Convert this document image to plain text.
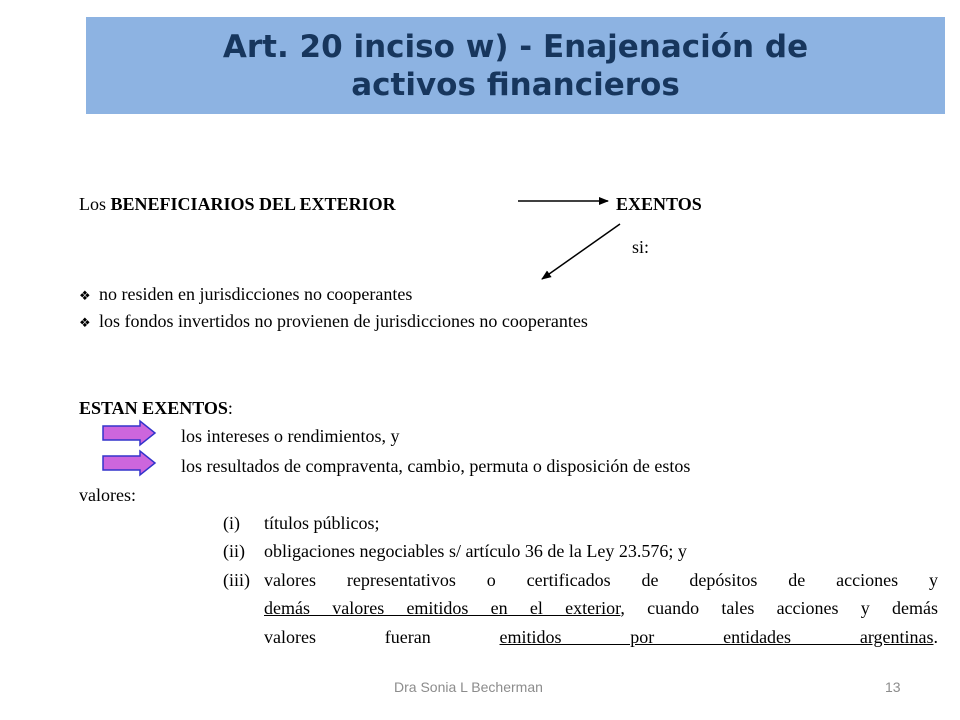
Art. 20 inciso w) - Enajenación de
activos financieros
Los BENEFICIARIOS DEL EXTERIOR	EXENTOS
si:
❖ no residen en jurisdicciones no cooperantes
❖ los fondos invertidos no provienen de jurisdicciones no cooperantes
ESTAN EXENTOS:
los intereses o rendimientos, y
los resultados de compraventa, cambio, permuta o disposición de estos
valores:
(i) títulos públicos;
(ii) obligaciones negociables s/ artículo 36 de la Ley 23.576; y
(iii) valores representativos o certificados de depósitos de acciones y
demás valores emitidos en el exterior, cuando tales acciones y demás
valores fueran emitidos por entidades argentinas.
Dra Sonia L Becherman	13
